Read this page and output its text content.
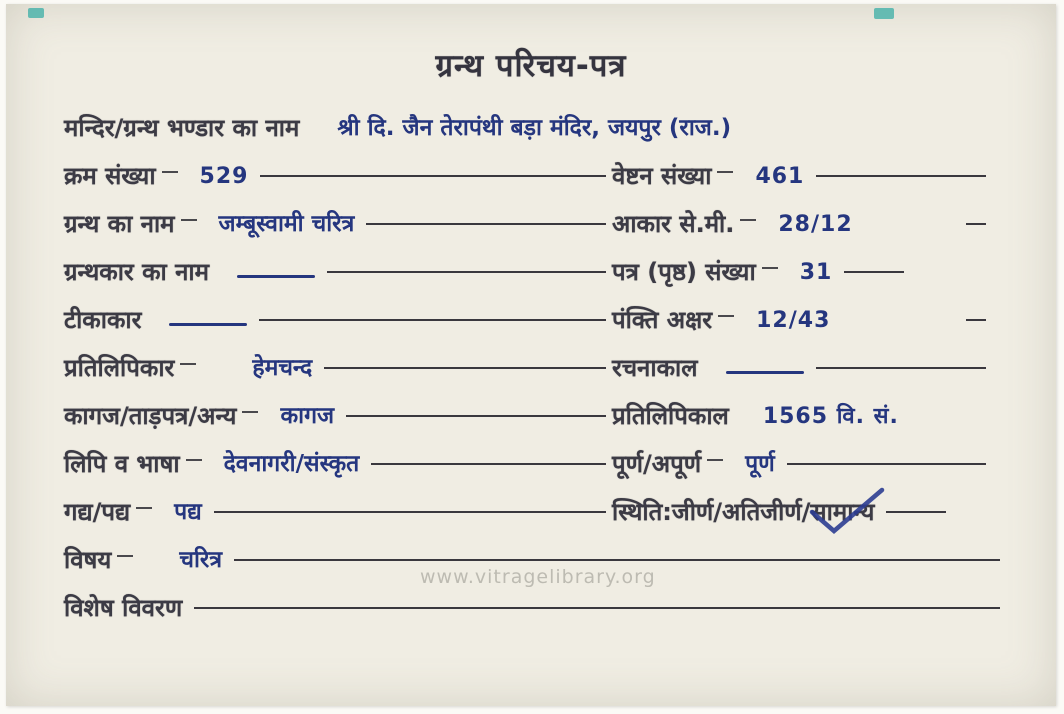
ग्रन्थ परिचय-पत्र
मन्दिर/ग्रन्थ भण्डार का नाम श्री दि. जैन तेरापंथी बड़ा मंदिर, जयपुर (राज.)
क्रम संख्या 529	वेष्टन संख्या 461
ग्रन्थ का नाम जम्बूस्वामी चरित्र	आकार से.मी. 28/12
ग्रन्थकार का नाम	पत्र (पृष्ठ) संख्या 31
टीकाकार	पंक्ति अक्षर 12/43
प्रतिलिपिकार	हेमचन्द	रचनाकाल
कागज/ताड़पत्र/अन्य कागज	प्रतिलिपिकाल 1565 वि. सं.
लिपि व भाषा देवनागरी/संस्कृत	पूर्ण/अपूर्ण पूर्ण
गद्य/पद्य पद्य	स्थिति:जीर्ण/अतिजीर्ण/ सामान्य
विषय	चरित्र
विशेष विवरण
www.vitragelibrary.org
